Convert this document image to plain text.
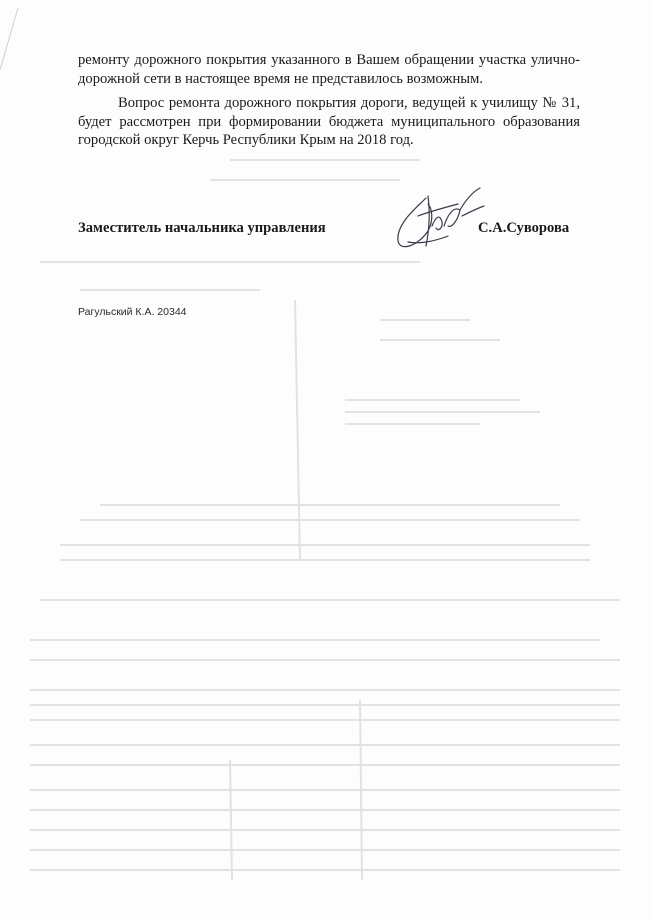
ремонту дорожного покрытия указанного в Вашем обращении участка улично-дорожной сети в настоящее время не представилось возможным.
Вопрос ремонта дорожного покрытия дороги, ведущей к училищу № 31, будет рассмотрен при формировании бюджета муниципального образования городской округ Керчь Республики Крым на 2018 год.
Заместитель начальника управления	С.А.Суворова
Рагульский К.А. 20344
